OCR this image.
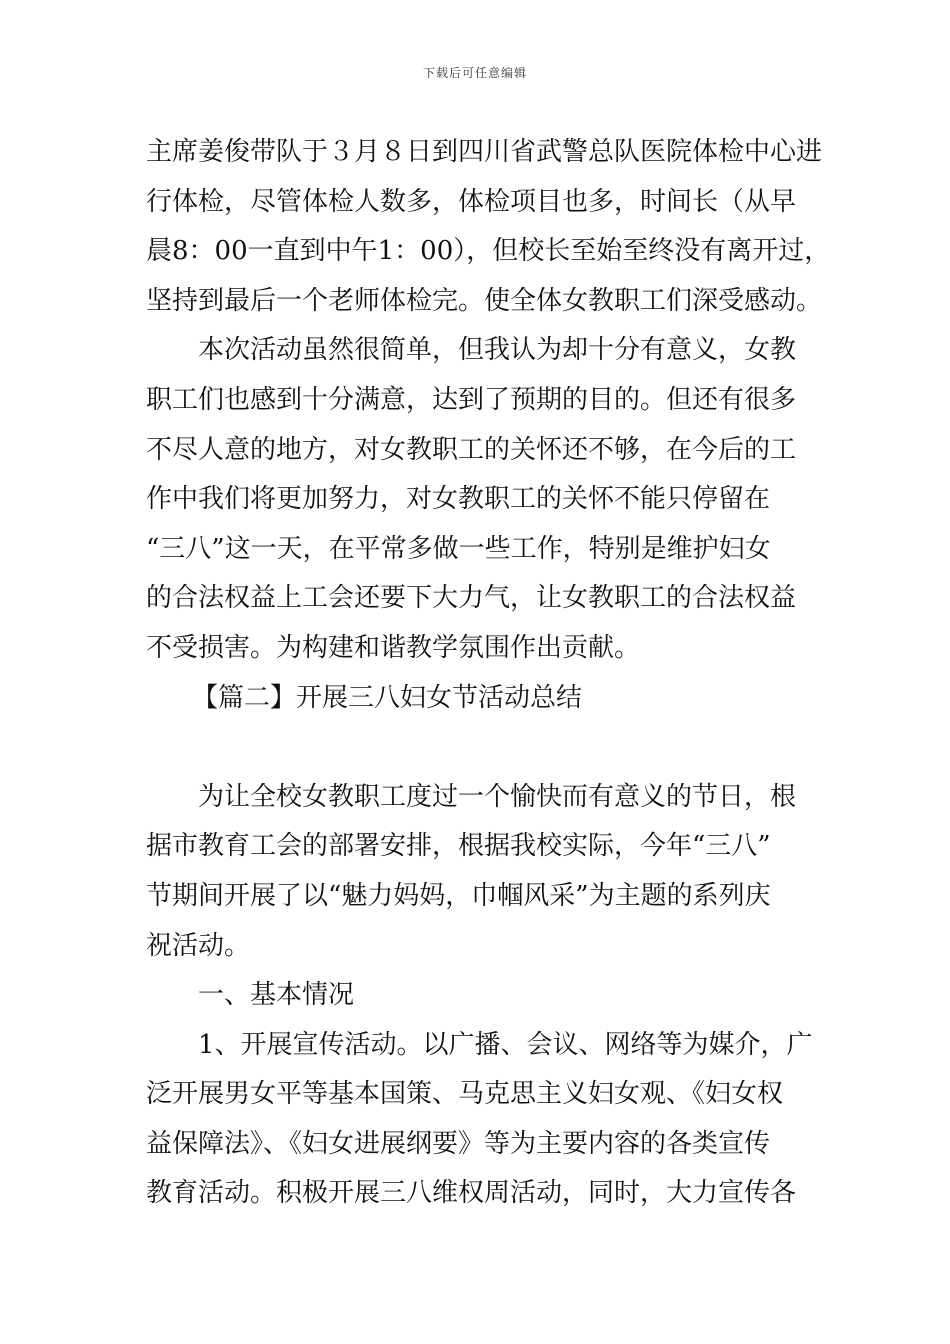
下载后可任意编辑
主席姜俊带队于３月８日到四川省武警总队医院体检中心进
行体检，尽管体检人数多，体检项目也多，时间长（从早
晨8：00一直到中午1：00），但校长至始至终没有离开过，
坚持到最后一个老师体检完。使全体女教职工们深受感动。
本次活动虽然很简单，但我认为却十分有意义，女教
职工们也感到十分满意，达到了预期的目的。但还有很多
不尽人意的地方，对女教职工的关怀还不够，在今后的工
作中我们将更加努力，对女教职工的关怀不能只停留在
“三八”这一天，在平常多做一些工作，特别是维护妇女
的合法权益上工会还要下大力气，让女教职工的合法权益
不受损害。为构建和谐教学氛围作出贡献。
【篇二】开展三八妇女节活动总结
为让全校女教职工度过一个愉快而有意义的节日，根
据市教育工会的部署安排，根据我校实际，今年“三八”
节期间开展了以“魅力妈妈，巾帼风采”为主题的系列庆
祝活动。
一、基本情况
1、开展宣传活动。以广播、会议、网络等为媒介，广
泛开展男女平等基本国策、马克思主义妇女观、《妇女权
益保障法》、《妇女进展纲要》等为主要内容的各类宣传
教育活动。积极开展三八维权周活动，同时，大力宣传各
